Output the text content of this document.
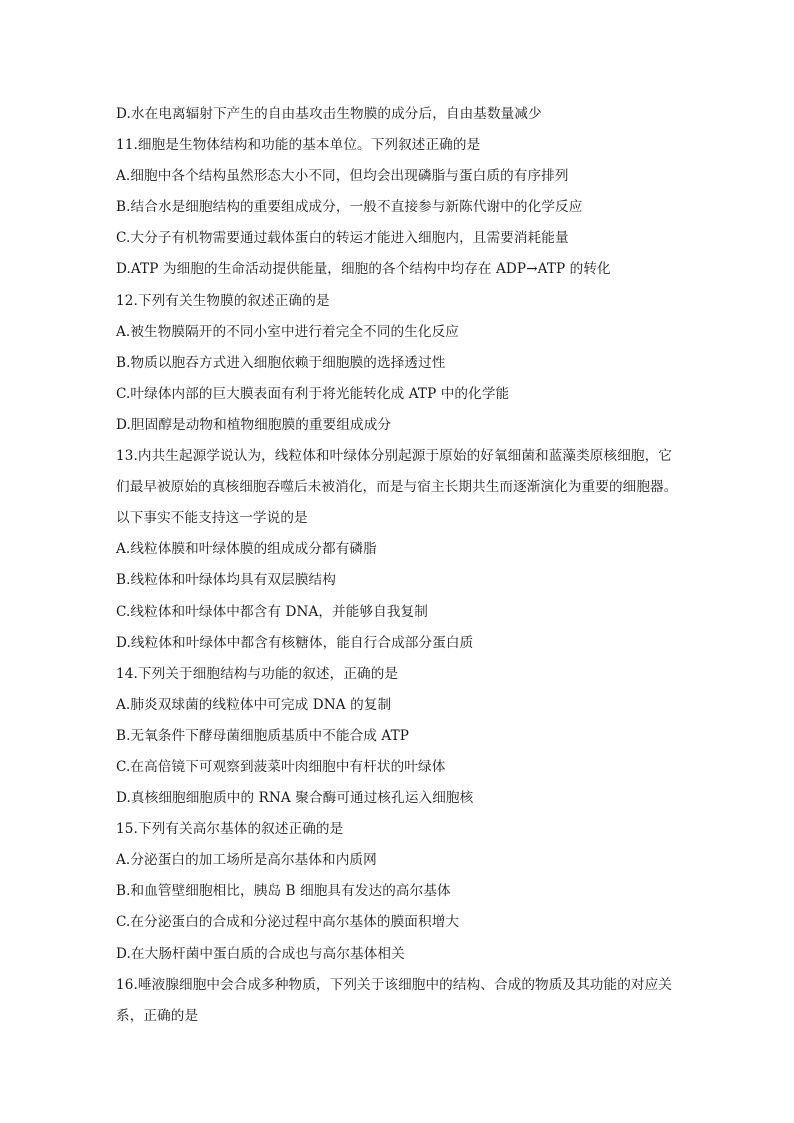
D.水在电离辐射下产生的自由基攻击生物膜的成分后，自由基数量减少
11.细胞是生物体结构和功能的基本单位。下列叙述正确的是
A.细胞中各个结构虽然形态大小不同，但均会出现磷脂与蛋白质的有序排列
B.结合水是细胞结构的重要组成成分，一般不直接参与新陈代谢中的化学反应
C.大分子有机物需要通过载体蛋白的转运才能进入细胞内，且需要消耗能量
D.ATP 为细胞的生命活动提供能量，细胞的各个结构中均存在 ADP→ATP 的转化
12.下列有关生物膜的叙述正确的是
A.被生物膜隔开的不同小室中进行着完全不同的生化反应
B.物质以胞吞方式进入细胞依赖于细胞膜的选择透过性
C.叶绿体内部的巨大膜表面有利于将光能转化成 ATP 中的化学能
D.胆固醇是动物和植物细胞膜的重要组成成分
13.内共生起源学说认为，线粒体和叶绿体分别起源于原始的好氧细菌和蓝藻类原核细胞，它
们最早被原始的真核细胞吞噬后未被消化，而是与宿主长期共生而逐渐演化为重要的细胞器。
以下事实不能支持这一学说的是
A.线粒体膜和叶绿体膜的组成成分都有磷脂
B.线粒体和叶绿体均具有双层膜结构
C.线粒体和叶绿体中都含有 DNA，并能够自我复制
D.线粒体和叶绿体中都含有核糖体，能自行合成部分蛋白质
14.下列关于细胞结构与功能的叙述，正确的是
A.肺炎双球菌的线粒体中可完成 DNA 的复制
B.无氧条件下酵母菌细胞质基质中不能合成 ATP
C.在高倍镜下可观察到菠菜叶肉细胞中有杆状的叶绿体
D.真核细胞细胞质中的 RNA 聚合酶可通过核孔运入细胞核
15.下列有关高尔基体的叙述正确的是
A.分泌蛋白的加工场所是高尔基体和内质网
B.和血管壁细胞相比，胰岛 B 细胞具有发达的高尔基体
C.在分泌蛋白的合成和分泌过程中高尔基体的膜面积增大
D.在大肠杆菌中蛋白质的合成也与高尔基体相关
16.唾液腺细胞中会合成多种物质，下列关于该细胞中的结构、合成的物质及其功能的对应关
系，正确的是
